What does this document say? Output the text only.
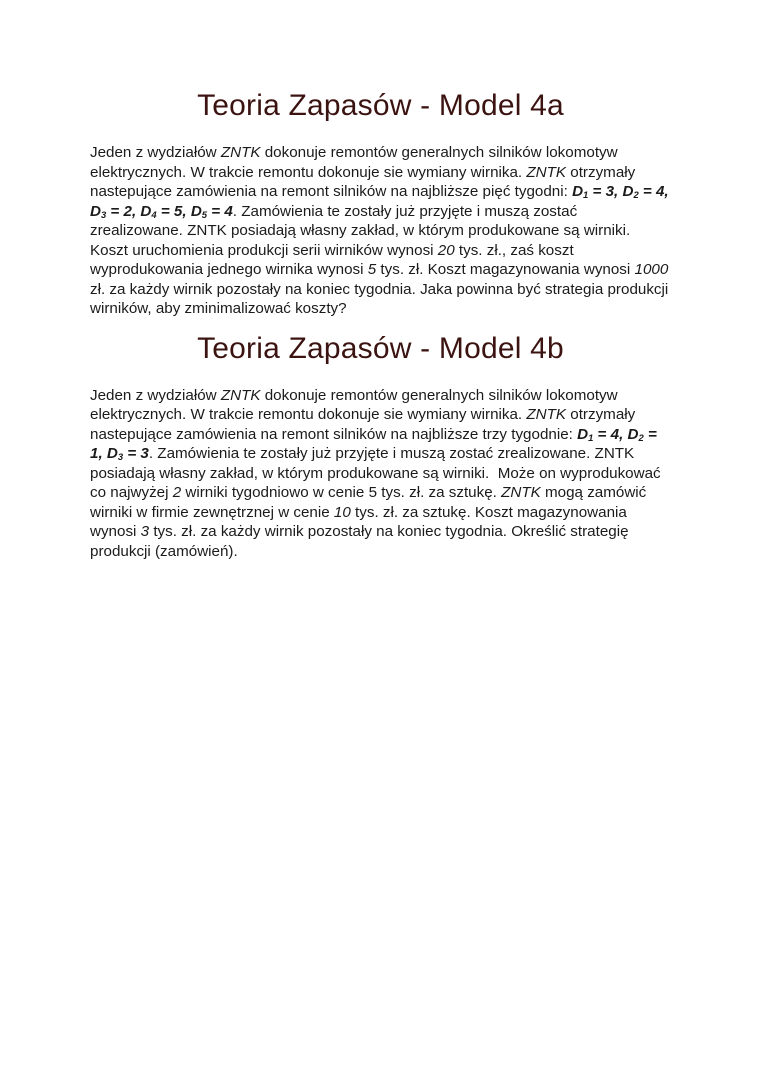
Teoria Zapasów - Model 4a

Jeden z wydziałów ZNTK dokonuje remontów generalnych silników lokomotyw elektrycznych. W trakcie remontu dokonuje sie wymiany wirnika. ZNTK otrzymały nastepujące zamówienia na remont silników na najbliższe pięć tygodni: $D_1 = 3$, $D_2 = 4$, $D_3 = 2$, $D_4 = 5$, $D_5 = 4$. Zamówienia te zostały już przyjęte i muszą zostać zrealizowane. ZNTK posiadają własny zakład, w którym produkowane są wirniki. Koszt uruchomienia produkcji serii wirników wynosi 20 tys. zł., zaś koszt wyprodukowania jednego wirnika wynosi 5 tys. zł. Koszt magazynowania wynosi 1000 zł. za każdy wirnik pozostały na koniec tygodnia. Jaka powinna być strategia produkcji wirników, aby zminimalizować koszty?

Teoria Zapasów - Model 4b

Jeden z wydziałów ZNTK dokonuje remontów generalnych silników lokomotyw elektrycznych. W trakcie remontu dokonuje sie wymiany wirnika. ZNTK otrzymały nastepujące zamówienia na remont silników na najbliższe trzy tygodnie: $D_1 = 4$, $D_2 = 1$, $D_3 = 3$. Zamówienia te zostały już przyjęte i muszą zostać zrealizowane. ZNTK posiadają własny zakład, w którym produkowane są wirniki.  Może on wyprodukować co najwyżej 2 wirniki tygodniowo w cenie 5 tys. zł. za sztukę. ZNTK mogą zamówić wirniki w firmie zewnętrznej w cenie 10 tys. zł. za sztukę. Koszt magazynowania wynosi 3 tys. zł. za każdy wirnik pozostały na koniec tygodnia. Określić strategię produkcji (zamówień).
